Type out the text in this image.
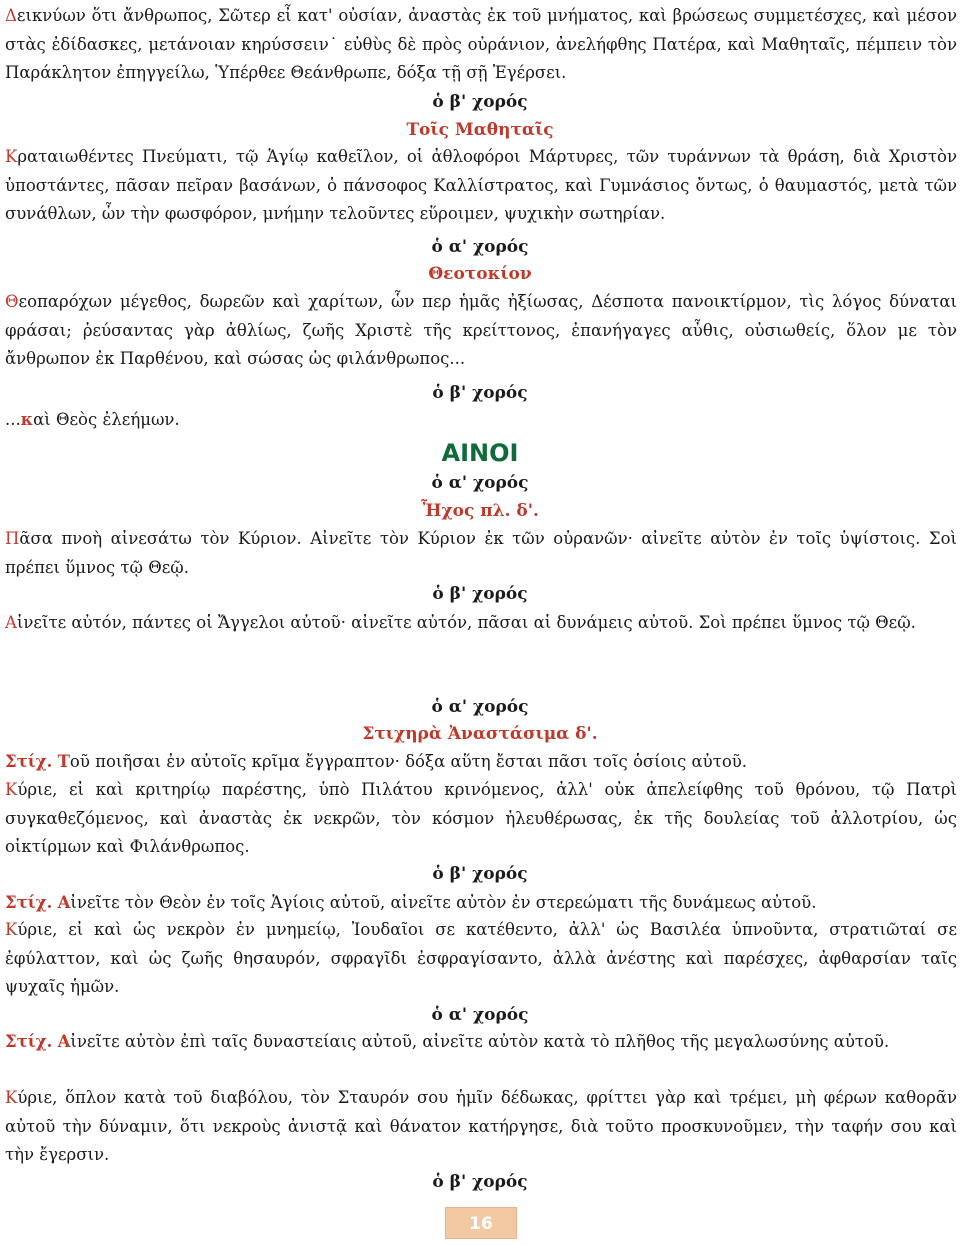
Δεικνύων ὅτι ἄνθρωπος, Σῶτερ εἶ κατ' οὐσίαν, ἀναστὰς ἐκ τοῦ μνήματος, καὶ βρώσεως συμμετέσχες, καὶ μέσον στὰς ἐδίδασκες, μετάνοιαν κηρύσσειν˙ εὐθὺς δὲ πρὸς οὐράνιον, ἀνελήφθης Πατέρα, καὶ Μαθηταῖς, πέμπειν τὸν Παράκλητον ἐπηγγείλω, Ὑπέρθεε Θεάνθρωπε, δόξα τῇ σῇ Ἐγέρσει.

ὁ β' χορός

Τοῖς Μαθηταῖς

Κραταιωθέντες Πνεύματι, τῷ Ἁγίῳ καθεῖλον, οἱ ἀθλοφόροι Μάρτυρες, τῶν τυράννων τὰ θράση, διὰ Χριστὸν ὑποστάντες, πᾶσαν πεῖραν βασάνων, ὁ πάνσοφος Καλλίστρατος, καὶ Γυμνάσιος ὄντως, ὁ θαυμαστός, μετὰ τῶν συνάθλων, ὧν τὴν φωσφόρον, μνήμην τελοῦντες εὕροιμεν, ψυχικὴν σωτηρίαν.

ὁ α' χορός

Θεοτοκίον

Θεοπαρόχων μέγεθος, δωρεῶν καὶ χαρίτων, ὧν περ ἡμᾶς ἠξίωσας, Δέσποτα πανοικτίρμον, τὶς λόγος δύναται φράσαι; ῥεύσαντας γὰρ ἀθλίως, ζωῆς Χριστὲ τῆς κρείττονος, ἐπανήγαγες αὖθις, οὐσιωθείς, ὅλον με τὸν ἄνθρωπον ἐκ Παρθένου, καὶ σώσας ὡς φιλάνθρωπος...

ὁ β' χορός

...καὶ Θεὸς ἐλεήμων.

ΑΙΝΟΙ

ὁ α' χορός

Ἦχος πλ. δ'.

Πᾶσα πνοὴ αἰνεσάτω τὸν Κύριον. Αἰνεῖτε τὸν Κύριον ἐκ τῶν οὐρανῶν· αἰνεῖτε αὐτὸν ἐν τοῖς ὑψίστοις. Σοὶ πρέπει ὕμνος τῷ Θεῷ.

ὁ β' χορός

Αἰνεῖτε αὐτόν, πάντες οἱ Ἄγγελοι αὐτοῦ· αἰνεῖτε αὐτόν, πᾶσαι αἱ δυνάμεις αὐτοῦ. Σοὶ πρέπει ὕμνος τῷ Θεῷ.

ὁ α' χορός

Στιχηρὰ Ἀναστάσιμα δ'.

Στίχ. Τοῦ ποιῆσαι ἐν αὐτοῖς κρῖμα ἔγγραπτον· δόξα αὕτη ἔσται πᾶσι τοῖς ὁσίοις αὐτοῦ.

Κύριε, εἰ καὶ κριτηρίῳ παρέστης, ὑπὸ Πιλάτου κρινόμενος, ἀλλ' οὐκ ἀπελείφθης τοῦ θρόνου, τῷ Πατρὶ συγκαθεζόμενος, καὶ ἀναστὰς ἐκ νεκρῶν, τὸν κόσμον ἠλευθέρωσας, ἐκ τῆς δουλείας τοῦ ἀλλοτρίου, ὡς οἰκτίρμων καὶ Φιλάνθρωπος.

ὁ β' χορός

Στίχ. Αἰνεῖτε τὸν Θεὸν ἐν τοῖς Ἁγίοις αὐτοῦ, αἰνεῖτε αὐτὸν ἐν στερεώματι τῆς δυνάμεως αὐτοῦ.

Κύριε, εἰ καὶ ὡς νεκρὸν ἐν μνημείῳ, Ἰουδαῖοι σε κατέθεντο, ἀλλ' ὡς Βασιλέα ὑπνοῦντα, στρατιῶταί σε ἐφύλαττον, καὶ ὡς ζωῆς θησαυρόν, σφραγῖδι ἐσφραγίσαντο, ἀλλὰ ἀνέστης καὶ παρέσχες, ἀφθαρσίαν ταῖς ψυχαῖς ἡμῶν.

ὁ α' χορός

Στίχ. Αἰνεῖτε αὐτὸν ἐπὶ ταῖς δυναστείαις αὐτοῦ, αἰνεῖτε αὐτὸν κατὰ τὸ πλῆθος τῆς μεγαλωσύνης αὐτοῦ.

Κύριε, ὅπλον κατὰ τοῦ διαβόλου, τὸν Σταυρόν σου ἡμῖν δέδωκας, φρίττει γὰρ καὶ τρέμει, μὴ φέρων καθορᾶν αὐτοῦ τὴν δύναμιν, ὅτι νεκροὺς ἀνιστᾷ καὶ θάνατον κατήργησε, διὰ τοῦτο προσκυνοῦμεν, τὴν ταφήν σου καὶ τὴν ἔγερσιν.

ὁ β' χορός

16
